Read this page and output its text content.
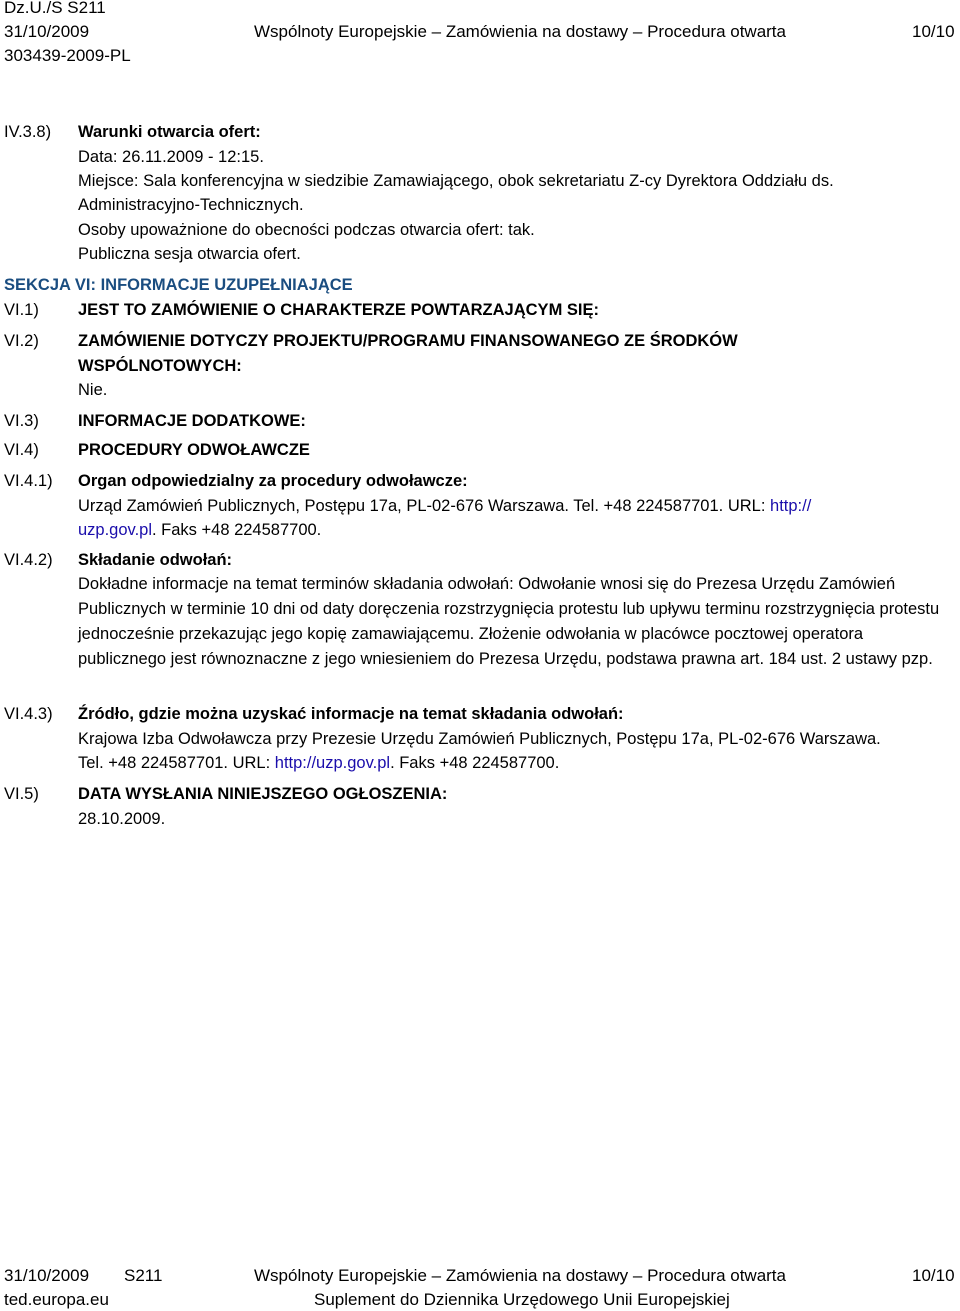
Dz.U./S S211
31/10/2009	Wspólnoty Europejskie – Zamówienia na dostawy – Procedura otwarta	10/10
303439-2009-PL
IV.3.8) Warunki otwarcia ofert:
Data: 26.11.2009 - 12:15.
Miejsce: Sala konferencyjna w siedzibie Zamawiającego, obok sekretariatu Z-cy Dyrektora Oddziału ds.
Administracyjno-Technicznych.
Osoby upoważnione do obecności podczas otwarcia ofert: tak.
Publiczna sesja otwarcia ofert.
SEKCJA VI: INFORMACJE UZUPEŁNIAJĄCE
VI.1) JEST TO ZAMÓWIENIE O CHARAKTERZE POWTARZAJĄCYM SIĘ:
VI.2) ZAMÓWIENIE DOTYCZY PROJEKTU/PROGRAMU FINANSOWANEGO ZE ŚRODKÓW
WSPÓLNOTOWYCH:
Nie.
VI.3) INFORMACJE DODATKOWE:
VI.4) PROCEDURY ODWOŁAWCZE
VI.4.1) Organ odpowiedzialny za procedury odwoławcze:
Urząd Zamówień Publicznych, Postępu 17a, PL-02-676 Warszawa. Tel. +48 224587701. URL: http://
uzp.gov.pl. Faks +48 224587700.
VI.4.2) Składanie odwołań:
Dokładne informacje na temat terminów składania odwołań: Odwołanie wnosi się do Prezesa Urzędu Zamówień Publicznych w terminie 10 dni od daty doręczenia rozstrzygnięcia protestu lub upływu terminu rozstrzygnięcia protestu jednocześnie przekazując jego kopię zamawiającemu. Złożenie odwołania w placówce pocztowej operatora publicznego jest równoznaczne z jego wniesieniem do Prezesa Urzędu, podstawa prawna art. 184 ust. 2 ustawy pzp.
VI.4.3) Źródło, gdzie można uzyskać informacje na temat składania odwołań:
Krajowa Izba Odwoławcza przy Prezesie Urzędu Zamówień Publicznych, Postępu 17a, PL-02-676 Warszawa.
Tel. +48 224587701. URL: http://uzp.gov.pl. Faks +48 224587700.
VI.5) DATA WYSŁANIA NINIEJSZEGO OGŁOSZENIA:
28.10.2009.
31/10/2009 S211	Wspólnoty Europejskie – Zamówienia na dostawy – Procedura otwarta	10/10
ted.europa.eu	Suplement do Dziennika Urzędowego Unii Europejskiej
